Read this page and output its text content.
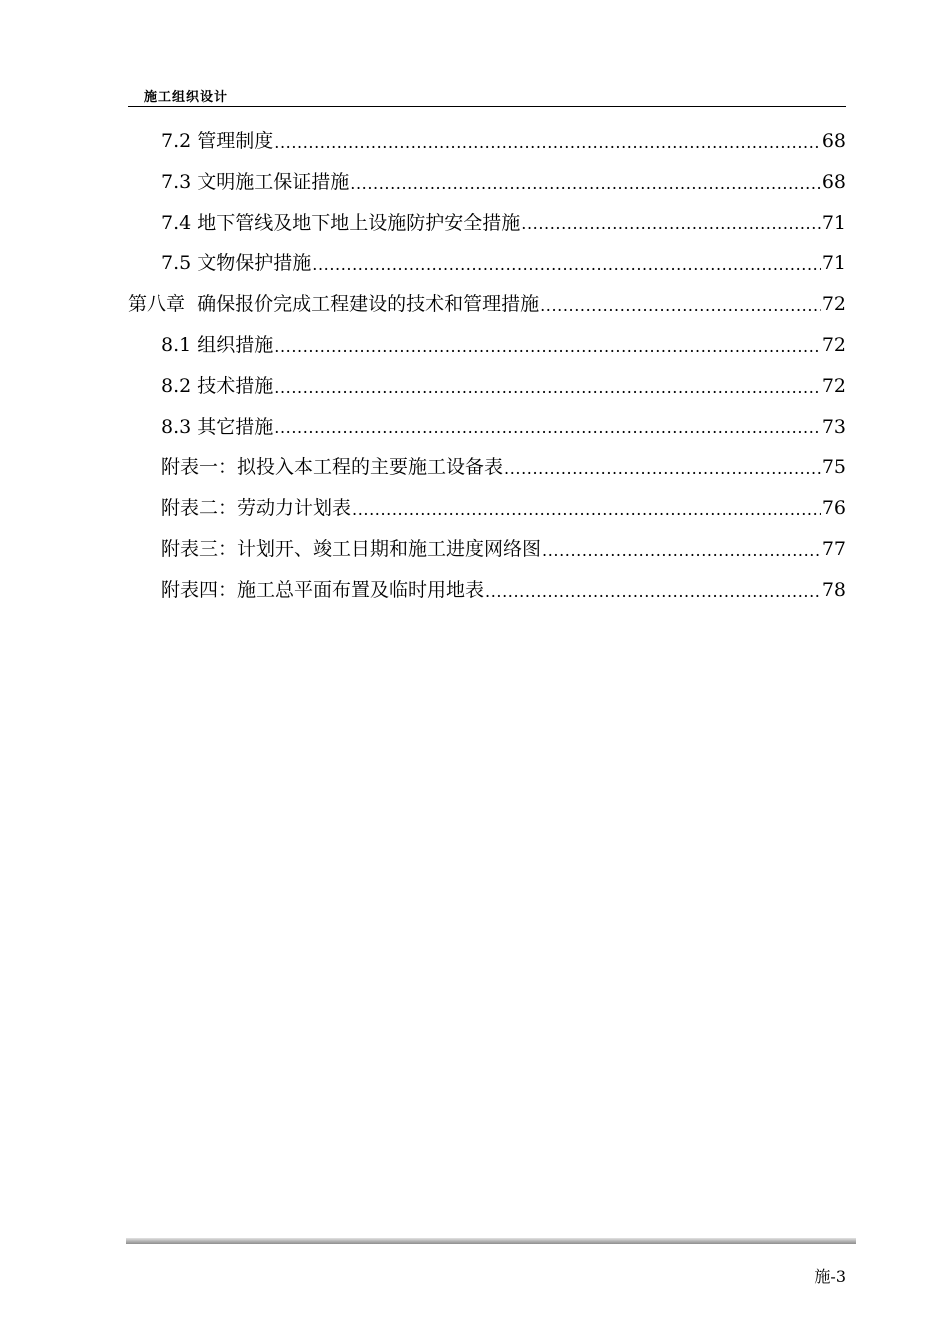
施工组织设计
7.2 管理制度 .....	68
7.3 文明施工保证措施 .....	68
7.4 地下管线及地下地上设施防护安全措施 .....	71
7.5 文物保护措施 .....	71
第八章  确保报价完成工程建设的技术和管理措施 .....	72
8.1 组织措施 .....	72
8.2 技术措施 .....	72
8.3 其它措施 .....	73
附表一：拟投入本工程的主要施工设备表 .....	75
附表二：劳动力计划表 .....	76
附表三：计划开、竣工日期和施工进度网络图 .....	77
附表四：施工总平面布置及临时用地表 .....	78
施-3
